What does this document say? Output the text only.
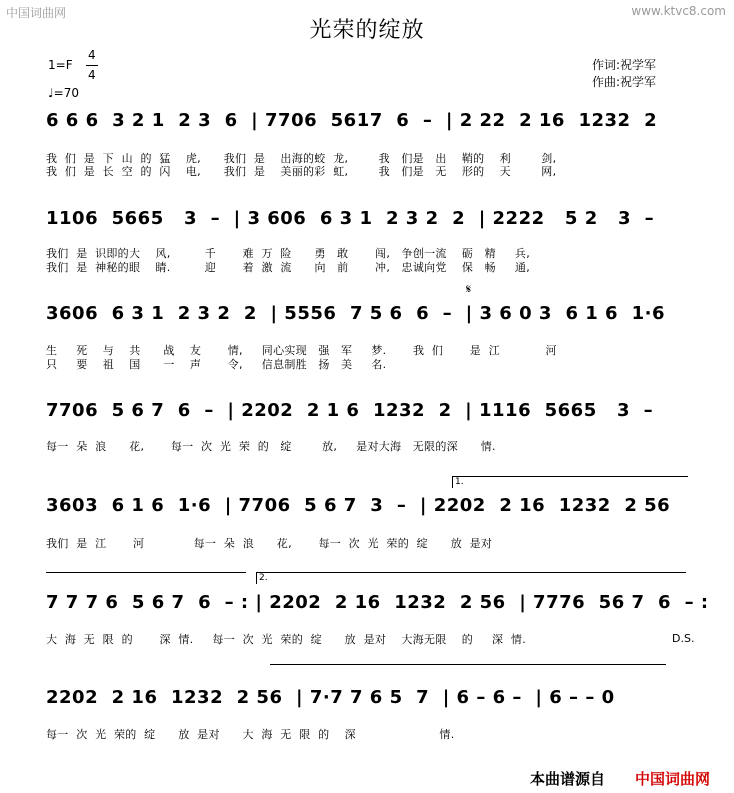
中国词曲网	www.ktvc8.com
光荣的绽放
1=F
4
4
♩=70
作词:祝学军
作曲:祝学军
6 6 6  3 2 1  2 3  6  | 7706  5617  6  –  | 2 22  2 16  1232  2
我  们  是  下  山  的  猛    虎,      我们  是    出海的蛟  龙,        我   们是   出    鞘的    利        剑,
我  们  是  长  空  的  闪    电,      我们  是    美丽的彩  虹,        我   们是   无    形的    天        网,
1106  5665   3  –  | 3 606  6 3 1  2 3 2  2  | 2222   5 2   3  –
我们  是  识即的大    风,         千       难  万  险      勇   敢       闯,   争创一流    砺   精     兵,
我们  是  神秘的眼    睛.         迎       着  激  流      向   前       冲,   忠诚向党    保   畅     通,
𝄋
3606  6 3 1  2 3 2  2  | 5556  7 5 6  6  –  | 3 6 0 3  6 1 6  1·6
生     死    与    共      战    友       情,     同心实现   强   军     梦.       我  们       是  江            河
只     要    祖    国      一    声       令,     信息制胜   扬   美     名.
7706  5 6 7  6  –  | 2202  2 1 6  1232  2  | 1116  5665   3  –
每一  朵  浪      花,       每一  次  光  荣  的   绽        放,     是对大海   无限的深      情.
1.
3603  6 1 6  1·6  | 7706  5 6 7  3  –  | 2202  2 16  1232  2 56
我们  是  江       河             每一  朵  浪      花,       每一  次  光  荣的  绽      放  是对
2.
7 7 7 6  5 6 7  6  – : | 2202  2 16  1232  2 56  | 7776  56 7  6  – :
大  海  无  限  的       深  情.     每一  次  光  荣的  绽      放  是对    大海无限    的     深  情.	D.S.
2202  2 16  1232  2 56  | 7·7 7 6 5  7  | 6 – 6 –  | 6 – – 0
每一  次  光  荣的  绽      放  是对      大  海  无  限  的    深                      情.
本曲谱源自 中国词曲网
